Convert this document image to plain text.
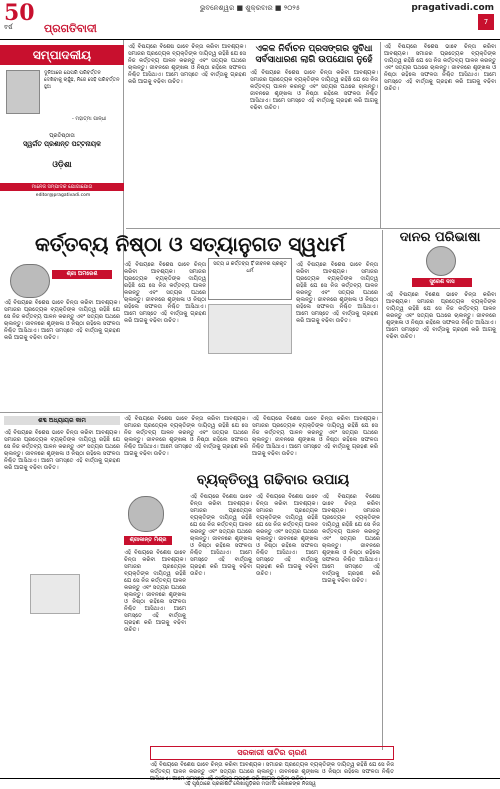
50
ବର୍ଷ	ପ୍ରଗତିବାଦୀ
ଭୁବନେଶ୍ୱର ■ ଶୁକ୍ରବାର ■ ୨୦୨୫	pragativadi.com
7
ସମ୍ପାଦକୀୟ
ଦୁନିଆରେ ଯେପରି ପରିବର୍ତ୍ତନ ଦେଖିବାକୁ ଚାହୁଁଛ, ନିଜେ ସେହି ପରିବର୍ତ୍ତନ ହୁଅ
- ମହାତ୍ମା ଗାନ୍ଧୀ
ପ୍ରତିଷ୍ଠାତା
ସ୍ୱର୍ଗତ ପ୍ରଶାନ୍ତ ପଟ୍ଟନାୟକ
ଓଡ଼ିଶା
ମାନେଜ ସମ୍ପାଦକ ଯୋଗାଯୋଗ
editor@pragativadi.com
ଏହି ବିଷୟରେ ବିଶେଷ ଭାବେ ଚିନ୍ତା କରିବା ଆବଶ୍ୟକ। ସମାଜର ପ୍ରତ୍ୟେକ ବ୍ୟକ୍ତିଙ୍କ ଦାୟିତ୍ୱ ରହିଛି ଯେ ସେ ନିଜ କର୍ତ୍ତବ୍ୟ ପାଳନ କରନ୍ତୁ ଏବଂ ସତ୍ୟର ପଥରେ ଚାଲନ୍ତୁ। ଜୀବନରେ ଶୃଙ୍ଖଳା ଓ ନିଷ୍ଠା ରହିଲେ ସଫଳତା ନିଶ୍ଚିତ ଆସିଥାଏ। ଆମେ ସମସ୍ତେ ଏହି ବାର୍ତ୍ତାକୁ ଗ୍ରହଣ କରି ଆଗକୁ ବଢିବା ଉଚିତ।
ଏକକ ନିର୍ବାଚନ ପ୍ରସଙ୍ଗର ସୁବିଧା ସର୍ବସାଧାରଣ ଲାଗି ଉପଯୋଗ ନୁହେଁ
ଏହି ବିଷୟରେ ବିଶେଷ ଭାବେ ଚିନ୍ତା କରିବା ଆବଶ୍ୟକ। ସମାଜର ପ୍ରତ୍ୟେକ ବ୍ୟକ୍ତିଙ୍କ ଦାୟିତ୍ୱ ରହିଛି ଯେ ସେ ନିଜ କର୍ତ୍ତବ୍ୟ ପାଳନ କରନ୍ତୁ ଏବଂ ସତ୍ୟର ପଥରେ ଚାଲନ୍ତୁ। ଜୀବନରେ ଶୃଙ୍ଖଳା ଓ ନିଷ୍ଠା ରହିଲେ ସଫଳତା ନିଶ୍ଚିତ ଆସିଥାଏ। ଆମେ ସମସ୍ତେ ଏହି ବାର୍ତ୍ତାକୁ ଗ୍ରହଣ କରି ଆଗକୁ ବଢିବା ଉଚିତ।
ଏହି ବିଷୟରେ ବିଶେଷ ଭାବେ ଚିନ୍ତା କରିବା ଆବଶ୍ୟକ। ସମାଜର ପ୍ରତ୍ୟେକ ବ୍ୟକ୍ତିଙ୍କ ଦାୟିତ୍ୱ ରହିଛି ଯେ ସେ ନିଜ କର୍ତ୍ତବ୍ୟ ପାଳନ କରନ୍ତୁ ଏବଂ ସତ୍ୟର ପଥରେ ଚାଲନ୍ତୁ। ଜୀବନରେ ଶୃଙ୍ଖଳା ଓ ନିଷ୍ଠା ରହିଲେ ସଫଳତା ନିଶ୍ଚିତ ଆସିଥାଏ। ଆମେ ସମସ୍ତେ ଏହି ବାର୍ତ୍ତାକୁ ଗ୍ରହଣ କରି ଆଗକୁ ବଢିବା ଉଚିତ।
କର୍ତ୍ତବ୍ୟ ନିଷ୍ଠା ଓ ସତ୍ୟାନୁଗତ ସ୍ୱଧର୍ମ	ଦାନର ପରିଭାଷା
ଶ୍ରୀ ଅମରେଶ
ଏହି ବିଷୟରେ ବିଶେଷ ଭାବେ ଚିନ୍ତା କରିବା ଆବଶ୍ୟକ। ସମାଜର ପ୍ରତ୍ୟେକ ବ୍ୟକ୍ତିଙ୍କ ଦାୟିତ୍ୱ ରହିଛି ଯେ ସେ ନିଜ କର୍ତ୍ତବ୍ୟ ପାଳନ କରନ୍ତୁ ଏବଂ ସତ୍ୟର ପଥରେ ଚାଲନ୍ତୁ। ଜୀବନରେ ଶୃଙ୍ଖଳା ଓ ନିଷ୍ଠା ରହିଲେ ସଫଳତା ନିଶ୍ଚିତ ଆସିଥାଏ। ଆମେ ସମସ୍ତେ ଏହି ବାର୍ତ୍ତାକୁ ଗ୍ରହଣ କରି ଆଗକୁ ବଢିବା ଉଚିତ।
ଏହି ବିଷୟରେ ବିଶେଷ ଭାବେ ଚିନ୍ତା କରିବା ଆବଶ୍ୟକ। ସମାଜର ପ୍ରତ୍ୟେକ ବ୍ୟକ୍ତିଙ୍କ ଦାୟିତ୍ୱ ରହିଛି ଯେ ସେ ନିଜ କର୍ତ୍ତବ୍ୟ ପାଳନ କରନ୍ତୁ ଏବଂ ସତ୍ୟର ପଥରେ ଚାଲନ୍ତୁ। ଜୀବନରେ ଶୃଙ୍ଖଳା ଓ ନିଷ୍ଠା ରହିଲେ ସଫଳତା ନିଶ୍ଚିତ ଆସିଥାଏ। ଆମେ ସମସ୍ତେ ଏହି ବାର୍ତ୍ତାକୁ ଗ୍ରହଣ କରି ଆଗକୁ ବଢିବା ଉଚିତ।
ସତ୍ୟ ଓ କର୍ତ୍ତବ୍ୟ ହିଁ ଜୀବନର ପ୍ରକୃତ ଧର୍ମ
ଏହି ବିଷୟରେ ବିଶେଷ ଭାବେ ଚିନ୍ତା କରିବା ଆବଶ୍ୟକ। ସମାଜର ପ୍ରତ୍ୟେକ ବ୍ୟକ୍ତିଙ୍କ ଦାୟିତ୍ୱ ରହିଛି ଯେ ସେ ନିଜ କର୍ତ୍ତବ୍ୟ ପାଳନ କରନ୍ତୁ ଏବଂ ସତ୍ୟର ପଥରେ ଚାଲନ୍ତୁ। ଜୀବନରେ ଶୃଙ୍ଖଳା ଓ ନିଷ୍ଠା ରହିଲେ ସଫଳତା ନିଶ୍ଚିତ ଆସିଥାଏ। ଆମେ ସମସ୍ତେ ଏହି ବାର୍ତ୍ତାକୁ ଗ୍ରହଣ କରି ଆଗକୁ ବଢିବା ଉଚିତ।
ସୁରେଶ ଦାସ
ଏହି ବିଷୟରେ ବିଶେଷ ଭାବେ ଚିନ୍ତା କରିବା ଆବଶ୍ୟକ। ସମାଜର ପ୍ରତ୍ୟେକ ବ୍ୟକ୍ତିଙ୍କ ଦାୟିତ୍ୱ ରହିଛି ଯେ ସେ ନିଜ କର୍ତ୍ତବ୍ୟ ପାଳନ କରନ୍ତୁ ଏବଂ ସତ୍ୟର ପଥରେ ଚାଲନ୍ତୁ। ଜୀବନରେ ଶୃଙ୍ଖଳା ଓ ନିଷ୍ଠା ରହିଲେ ସଫଳତା ନିଶ୍ଚିତ ଆସିଥାଏ। ଆମେ ସମସ୍ତେ ଏହି ବାର୍ତ୍ତାକୁ ଗ୍ରହଣ କରି ଆଗକୁ ବଢିବା ଉଚିତ।
ଶବ୍ଦ ଅଧ୍ୟାୟର କାମ
ଏହି ବିଷୟରେ ବିଶେଷ ଭାବେ ଚିନ୍ତା କରିବା ଆବଶ୍ୟକ। ସମାଜର ପ୍ରତ୍ୟେକ ବ୍ୟକ୍ତିଙ୍କ ଦାୟିତ୍ୱ ରହିଛି ଯେ ସେ ନିଜ କର୍ତ୍ତବ୍ୟ ପାଳନ କରନ୍ତୁ ଏବଂ ସତ୍ୟର ପଥରେ ଚାଲନ୍ତୁ। ଜୀବନରେ ଶୃଙ୍ଖଳା ଓ ନିଷ୍ଠା ରହିଲେ ସଫଳତା ନିଶ୍ଚିତ ଆସିଥାଏ। ଆମେ ସମସ୍ତେ ଏହି ବାର୍ତ୍ତାକୁ ଗ୍ରହଣ କରି ଆଗକୁ ବଢିବା ଉଚିତ।
ଏହି ବିଷୟରେ ବିଶେଷ ଭାବେ ଚିନ୍ତା କରିବା ଆବଶ୍ୟକ। ସମାଜର ପ୍ରତ୍ୟେକ ବ୍ୟକ୍ତିଙ୍କ ଦାୟିତ୍ୱ ରହିଛି ଯେ ସେ ନିଜ କର୍ତ୍ତବ୍ୟ ପାଳନ କରନ୍ତୁ ଏବଂ ସତ୍ୟର ପଥରେ ଚାଲନ୍ତୁ। ଜୀବନରେ ଶୃଙ୍ଖଳା ଓ ନିଷ୍ଠା ରହିଲେ ସଫଳତା ନିଶ୍ଚିତ ଆସିଥାଏ। ଆମେ ସମସ୍ତେ ଏହି ବାର୍ତ୍ତାକୁ ଗ୍ରହଣ କରି ଆଗକୁ ବଢିବା ଉଚିତ।
ଏହି ବିଷୟରେ ବିଶେଷ ଭାବେ ଚିନ୍ତା କରିବା ଆବଶ୍ୟକ। ସମାଜର ପ୍ରତ୍ୟେକ ବ୍ୟକ୍ତିଙ୍କ ଦାୟିତ୍ୱ ରହିଛି ଯେ ସେ ନିଜ କର୍ତ୍ତବ୍ୟ ପାଳନ କରନ୍ତୁ ଏବଂ ସତ୍ୟର ପଥରେ ଚାଲନ୍ତୁ। ଜୀବନରେ ଶୃଙ୍ଖଳା ଓ ନିଷ୍ଠା ରହିଲେ ସଫଳତା ନିଶ୍ଚିତ ଆସିଥାଏ। ଆମେ ସମସ୍ତେ ଏହି ବାର୍ତ୍ତାକୁ ଗ୍ରହଣ କରି ଆଗକୁ ବଢିବା ଉଚିତ।
ବ୍ୟକ୍ତିତ୍ୱ ଗଢିବାର ଉପାୟ
ଶ୍ରୀକାନ୍ତ ମିଶ୍ର
ଏହି ବିଷୟରେ ବିଶେଷ ଭାବେ ଚିନ୍ତା କରିବା ଆବଶ୍ୟକ। ସମାଜର ପ୍ରତ୍ୟେକ ବ୍ୟକ୍ତିଙ୍କ ଦାୟିତ୍ୱ ରହିଛି ଯେ ସେ ନିଜ କର୍ତ୍ତବ୍ୟ ପାଳନ କରନ୍ତୁ ଏବଂ ସତ୍ୟର ପଥରେ ଚାଲନ୍ତୁ। ଜୀବନରେ ଶୃଙ୍ଖଳା ଓ ନିଷ୍ଠା ରହିଲେ ସଫଳତା ନିଶ୍ଚିତ ଆସିଥାଏ। ଆମେ ସମସ୍ତେ ଏହି ବାର୍ତ୍ତାକୁ ଗ୍ରହଣ କରି ଆଗକୁ ବଢିବା ଉଚିତ।
ଏହି ବିଷୟରେ ବିଶେଷ ଭାବେ ଚିନ୍ତା କରିବା ଆବଶ୍ୟକ। ସମାଜର ପ୍ରତ୍ୟେକ ବ୍ୟକ୍ତିଙ୍କ ଦାୟିତ୍ୱ ରହିଛି ଯେ ସେ ନିଜ କର୍ତ୍ତବ୍ୟ ପାଳନ କରନ୍ତୁ ଏବଂ ସତ୍ୟର ପଥରେ ଚାଲନ୍ତୁ। ଜୀବନରେ ଶୃଙ୍ଖଳା ଓ ନିଷ୍ଠା ରହିଲେ ସଫଳତା ନିଶ୍ଚିତ ଆସିଥାଏ। ଆମେ ସମସ୍ତେ ଏହି ବାର୍ତ୍ତାକୁ ଗ୍ରହଣ କରି ଆଗକୁ ବଢିବା ଉଚିତ।
ଏହି ବିଷୟରେ ବିଶେଷ ଭାବେ ଚିନ୍ତା କରିବା ଆବଶ୍ୟକ। ସମାଜର ପ୍ରତ୍ୟେକ ବ୍ୟକ୍ତିଙ୍କ ଦାୟିତ୍ୱ ରହିଛି ଯେ ସେ ନିଜ କର୍ତ୍ତବ୍ୟ ପାଳନ କରନ୍ତୁ ଏବଂ ସତ୍ୟର ପଥରେ ଚାଲନ୍ତୁ। ଜୀବନରେ ଶୃଙ୍ଖଳା ଓ ନିଷ୍ଠା ରହିଲେ ସଫଳତା ନିଶ୍ଚିତ ଆସିଥାଏ। ଆମେ ସମସ୍ତେ ଏହି ବାର୍ତ୍ତାକୁ ଗ୍ରହଣ କରି ଆଗକୁ ବଢିବା ଉଚିତ।
ଏହି ବିଷୟରେ ବିଶେଷ ଭାବେ ଚିନ୍ତା କରିବା ଆବଶ୍ୟକ। ସମାଜର ପ୍ରତ୍ୟେକ ବ୍ୟକ୍ତିଙ୍କ ଦାୟିତ୍ୱ ରହିଛି ଯେ ସେ ନିଜ କର୍ତ୍ତବ୍ୟ ପାଳନ କରନ୍ତୁ ଏବଂ ସତ୍ୟର ପଥରେ ଚାଲନ୍ତୁ। ଜୀବନରେ ଶୃଙ୍ଖଳା ଓ ନିଷ୍ଠା ରହିଲେ ସଫଳତା ନିଶ୍ଚିତ ଆସିଥାଏ। ଆମେ ସମସ୍ତେ ଏହି ବାର୍ତ୍ତାକୁ ଗ୍ରହଣ କରି ଆଗକୁ ବଢିବା ଉଚିତ।
ସରକାରୀ ସାଟିର ଚାରଣ
ଏହି ବିଷୟରେ ବିଶେଷ ଭାବେ ଚିନ୍ତା କରିବା ଆବଶ୍ୟକ। ସମାଜର ପ୍ରତ୍ୟେକ ବ୍ୟକ୍ତିଙ୍କ ଦାୟିତ୍ୱ ରହିଛି ଯେ ସେ ନିଜ କର୍ତ୍ତବ୍ୟ ପାଳନ କରନ୍ତୁ ଏବଂ ସତ୍ୟର ପଥରେ ଚାଲନ୍ତୁ। ଜୀବନରେ ଶୃଙ୍ଖଳା ଓ ନିଷ୍ଠା ରହିଲେ ସଫଳତା ନିଶ୍ଚିତ ଆସିଥାଏ। ଆମେ ସମସ୍ତେ ଏହି ବାର୍ତ୍ତାକୁ ଗ୍ରହଣ କରି ଆଗକୁ ବଢିବା ଉଚିତ।
ଏହି ପୃଷ୍ଠାରେ ପ୍ରକାଶିତ ଲେଖାଗୁଡ଼ିକର ମତାମତ ଲେଖକଙ୍କ ନିଜସ୍ୱ
